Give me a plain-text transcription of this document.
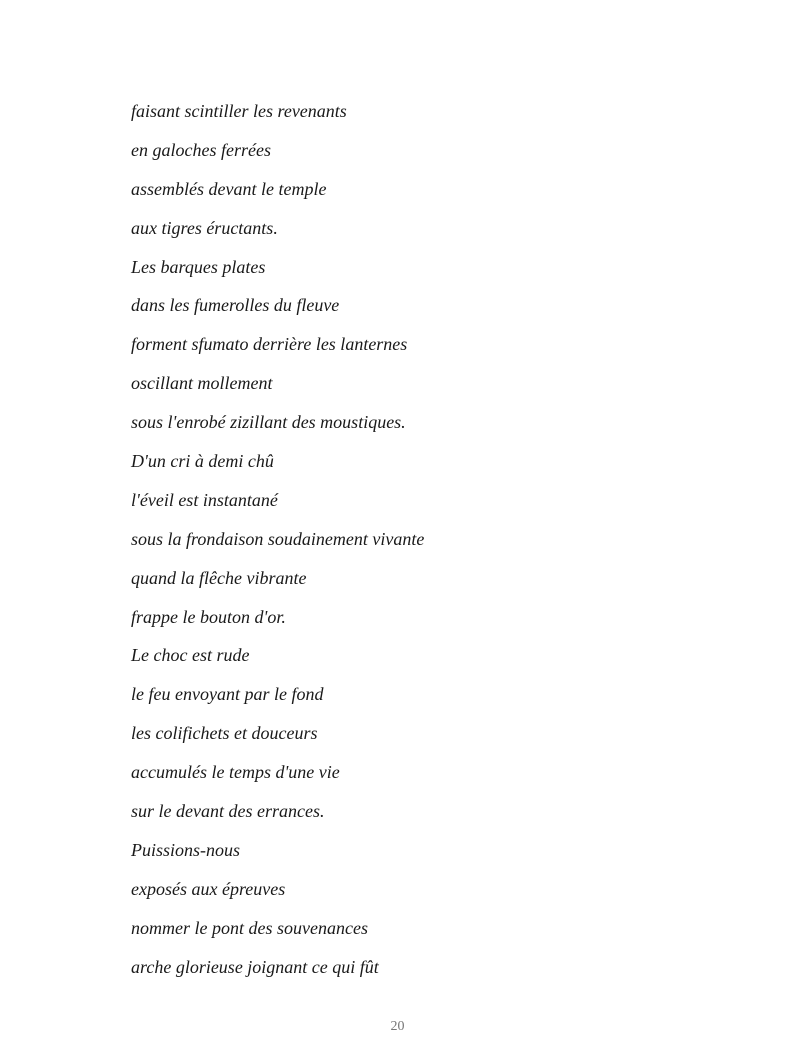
faisant scintiller les revenants
en galoches ferrées
assemblés devant le temple
aux tigres éructants.
Les barques plates
dans les fumerolles du fleuve
forment sfumato derrière les lanternes
oscillant mollement
sous l'enrobé zizillant des moustiques.
D'un cri à demi chû
l'éveil est instantané
sous la frondaison soudainement vivante
quand la flêche vibrante
frappe le bouton d'or.
Le choc est rude
le feu envoyant par le fond
les colifichets et douceurs
accumulés le temps d'une vie
sur le devant des errances.
Puissions-nous
exposés aux épreuves
nommer le pont des souvenances
arche glorieuse joignant ce qui fût
20
